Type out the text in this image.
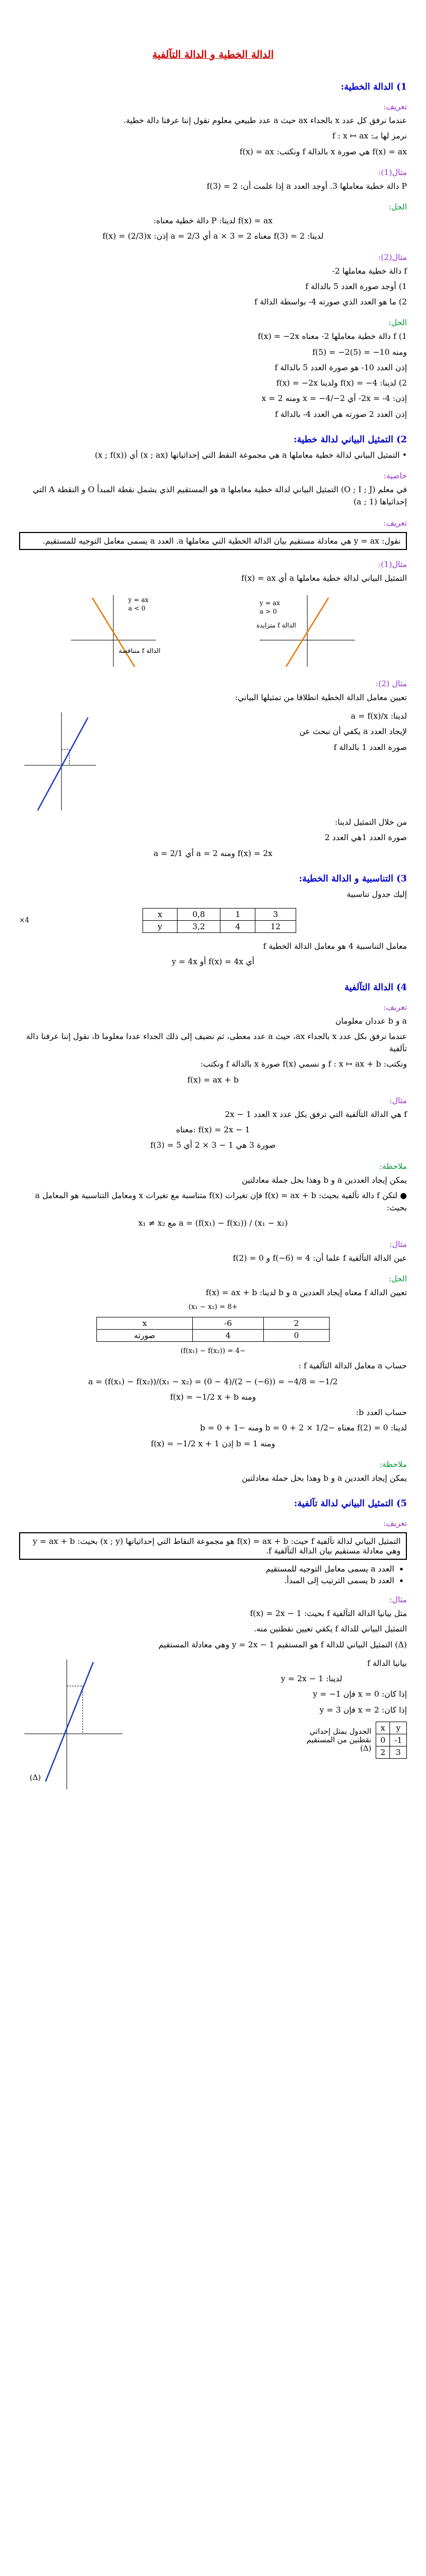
الدالة الخطية و الدالة التآلفية
1) الدالة الخطية:
تعريف:

عندما نرفق كل عدد x بالجداء ax حيث a عدد طبيعي معلوم نقول إننا عرفنا دالة خطية.

نرمز لها بـ: f : x ↦ ax

f(x) = ax هي صورة x بالدالة f ونكتب: f(x) = ax

مثال(1):

P دالة خطية معاملها 3. أوجد العدد a إذا علمت أن: f(3) = 2

الحل:

f(x) = ax لدينا: P دالة خطية معناه:

لدينا: f(3) = 2 معناه a × 3 = 2 أي a = 2/3 إذن: f(x) = (2/3)x

مثال(2):

f دالة خطية معاملها 2-

1) أوجد صورة العدد 5 بالدالة f

2) ما هو العدد الذي صورته 4- بواسطة الدالة f

الحل:

1) f دالة خطية معاملها 2- معناه f(x) = −2x

ومنه f(5) = −2(5) = −10

إذن العدد 10- هو صورة العدد 5 بالدالة f

2) لدينا: f(x) = −4 ولدينا f(x) = −2x

إذن: 4- = 2x- أي x = −4/−2 ومنه x = 2

إذن العدد 2 صورته هي العدد 4- بالدالة f

2) التمثيل البياني لدالة خطية:

• التمثيل البياني لدالة خطية معاملها a هي مجموعة النقط التي إحداثياتها (x ; ax) أي (x ; f(x))

خاصية:

في معلم (O ; I ; J) التمثيل البياني لدالة خطية معاملها a هو المستقيم الذي يشمل نقطة المبدأ O و النقطة A التي إحداثياها (1 ; a)

تعريف:
نقول: y = ax هي معادلة مستقيم بيان الدالة الخطية التي معاملها a. العدد a يسمى معامل التوجيه للمستقيم.
مثال(1):

التمثيل البياني لدالة خطية معاملها a أي f(x) = ax

y = ax
a < 0
الدالة f متناقصة
y = ax
a > 0
الدالة f متزايدة
مثال (2):

تعيين معامل الدالة الخطية انطلاقا من تمثيلها البياني:

لدينا: a = f(x)/x

لإيجاد العدد a يكفي أن نبحث عن

صورة العدد 1 بالدالة f

من خلال التمثيل لدينا:

صورة العدد 1هي العدد 2

f(x) = 2x ومنه a = 2 أي a = 2/1

3) التناسبية و الدالة الخطية:

إليك جدول تناسبية

×4
x	0,8	1	3
y	3,2	4	12

معامل التناسبية 4 هو معامل الدالة الخطية f

أي f(x) = 4x أو y = 4x

4) الدالة التآلفية
تعريف:

a و b عددان معلومان

عندما نرفق بكل عدد x بالجداء ax، حيث a عدد معطى، ثم نضيف إلى ذلك الجداء عددا معلوما b، نقول إننا عرفنا دالة تآلفية

ونكتب: f : x ↦ ax + b و نسمي f(x) صورة x بالدالة f ونكتب:

f(x) = ax + b

مثال:

f هي الدالة التآلفية التي ترفق بكل عدد x العدد 2x − 1

f(x) = 2x − 1 :معناه

صورة 3 هي 1 − 3 × 2 أي 5 = f(3)

ملاحظة:

يمكن إيجاد العددين a و b وهذا بحل جملة معادلتين

● لتكن f دالة تآلفية بحيث: f(x) = ax + b فإن تغيرات f(x) متناسبة مع تغيرات x ومعامل التناسبية هو المعامل a بحيث:

a = (f(x₁) − f(x₂)) / (x₁ − x₂) مع x₁ ≠ x₂

مثال:

عين الدالة التآلفية f علما أن: f(−6) = 4 و f(2) = 0

الحل:

تعيين الدالة f معناه إيجاد العددين a و b لدينا: f(x) = ax + b

+8 = (x₁ − x₂)

x	-6	2
صورته	4	0

−4 = (f(x₁) − f(x₂))

حساب a معامل الدالة التآلفية f :

a = (f(x₁) − f(x₂))/(x₁ − x₂) = (0 − 4)/(2 − (−6)) = −4/8 = −1/2

ومنه f(x) = −1/2 x + b

حساب العدد b:

لدينا: f(2) = 0 معناه −1/2 × 2 + b = 0 ومنه −1 + b = 0

ومنه b = 1 إذن f(x) = −1/2 x + 1

ملاحظة:

يمكن إيجاد العددين a و b وهذا بحل جملة معادلتين

5) التمثيل البياني لدالة تآلفية:
تعريف:
التمثيل البياني لدالة تآلفية f حيث: f(x) = ax + b هو مجموعة النقاط التي إحداثياتها (x ; y) بحيث: y = ax + b وهي معادلة مستقيم بيان الدالة التآلفية f.
• العدد a يسمى معامل التوجيه للمستقيم
• العدد b يسمى الترتيب إلى المبدأ.
مثال:

مثل بيانيا الدالة التآلفية f بحيث: f(x) = 2x − 1

التمثيل البياني للدالة f يكفي تعيين نقطتين منه.

(Δ) التمثيل البياني للدالة f هو المستقيم y = 2x − 1 وهي معادلة المستقيم

بيانيا الدالة f

لدينا: y = 2x − 1

إذا كان: x = 0 فإن y = −1

إذا كان: x = 2 فإن y = 3

x	y
0	-1
2	3
الجدول يمثل إحداثي نقطتين من المستقيم (Δ)
(Δ)
